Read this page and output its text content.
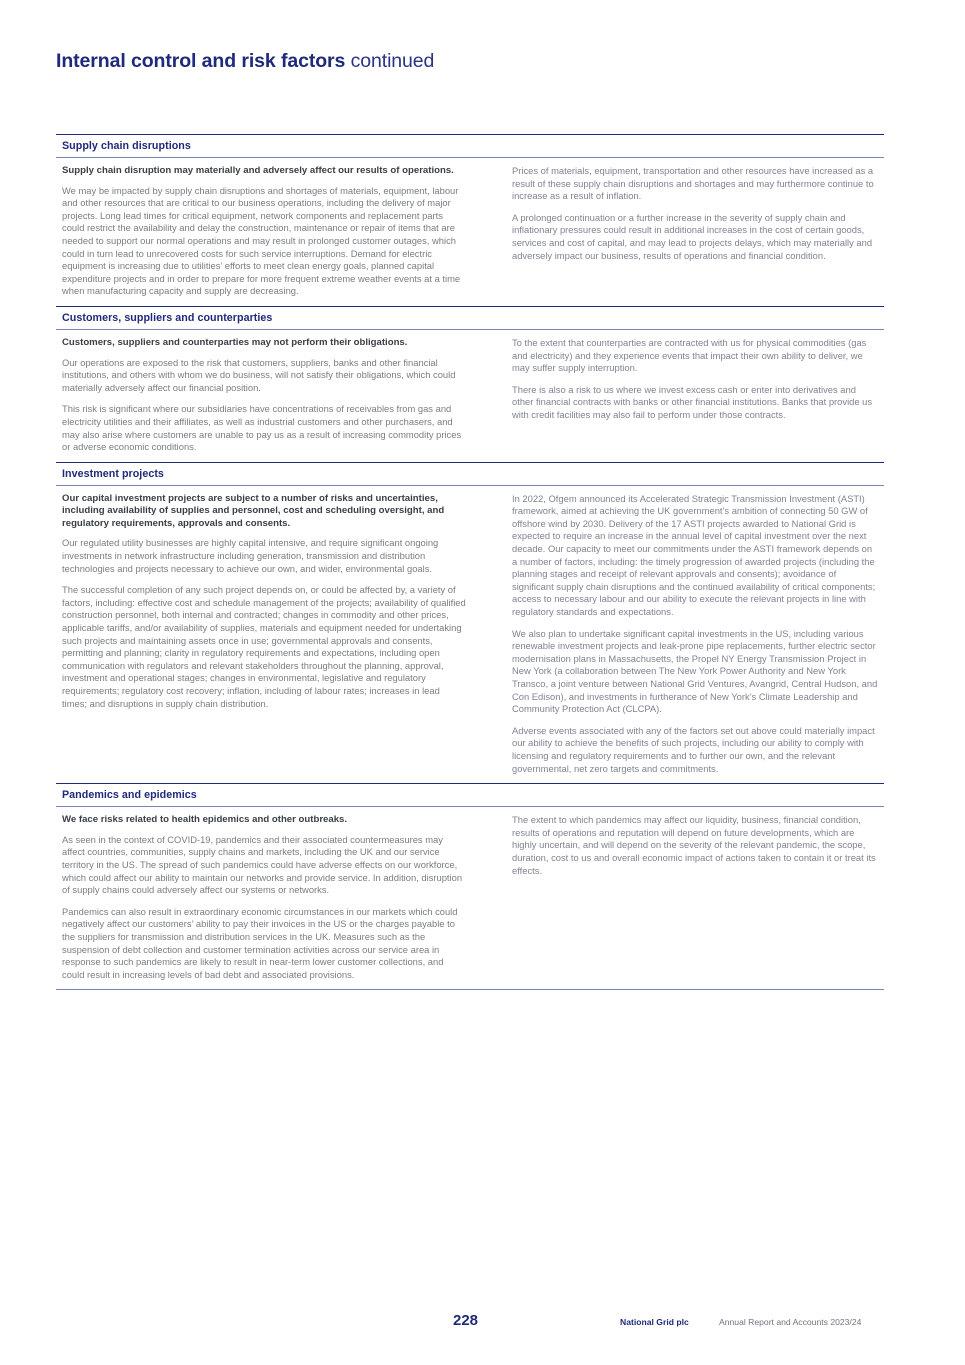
Internal control and risk factors continued
Supply chain disruptions

Supply chain disruption may materially and adversely affect our results of operations.

We may be impacted by supply chain disruptions and shortages of materials, equipment, labour and other resources that are critical to our business operations, including the delivery of major projects. Long lead times for critical equipment, network components and replacement parts could restrict the availability and delay the construction, maintenance or repair of items that are needed to support our normal operations and may result in prolonged customer outages, which could in turn lead to unrecovered costs for such service interruptions. Demand for electric equipment is increasing due to utilities’ efforts to meet clean energy goals, planned capital expenditure projects and in order to prepare for more frequent extreme weather events at a time when manufacturing capacity and supply are decreasing.

Prices of materials, equipment, transportation and other resources have increased as a result of these supply chain disruptions and shortages and may furthermore continue to increase as a result of inflation.

A prolonged continuation or a further increase in the severity of supply chain and inflationary pressures could result in additional increases in the cost of certain goods, services and cost of capital, and may lead to projects delays, which may materially and adversely impact our business, results of operations and financial condition.

Customers, suppliers and counterparties

Customers, suppliers and counterparties may not perform their obligations.

Our operations are exposed to the risk that customers, suppliers, banks and other financial institutions, and others with whom we do business, will not satisfy their obligations, which could materially adversely affect our financial position.

This risk is significant where our subsidiaries have concentrations of receivables from gas and electricity utilities and their affiliates, as well as industrial customers and other purchasers, and may also arise where customers are unable to pay us as a result of increasing commodity prices or adverse economic conditions.

To the extent that counterparties are contracted with us for physical commodities (gas and electricity) and they experience events that impact their own ability to deliver, we may suffer supply interruption.

There is also a risk to us where we invest excess cash or enter into derivatives and other financial contracts with banks or other financial institutions. Banks that provide us with credit facilities may also fail to perform under those contracts.

Investment projects

Our capital investment projects are subject to a number of risks and uncertainties, including availability of supplies and personnel, cost and scheduling oversight, and regulatory requirements, approvals and consents.

Our regulated utility businesses are highly capital intensive, and require significant ongoing investments in network infrastructure including generation, transmission and distribution technologies and projects necessary to achieve our own, and wider, environmental goals.

The successful completion of any such project depends on, or could be affected by, a variety of factors, including: effective cost and schedule management of the projects; availability of qualified construction personnel, both internal and contracted; changes in commodity and other prices, applicable tariffs, and/or availability of supplies, materials and equipment needed for undertaking such projects and maintaining assets once in use; governmental approvals and consents, permitting and planning; clarity in regulatory requirements and expectations, including open communication with regulators and relevant stakeholders throughout the planning, approval, investment and operational stages; changes in environmental, legislative and regulatory requirements; regulatory cost recovery; inflation, including of labour rates; increases in lead times; and disruptions in supply chain distribution.

In 2022, Ofgem announced its Accelerated Strategic Transmission Investment (ASTI) framework, aimed at achieving the UK government’s ambition of connecting 50 GW of offshore wind by 2030. Delivery of the 17 ASTI projects awarded to National Grid is expected to require an increase in the annual level of capital investment over the next decade. Our capacity to meet our commitments under the ASTI framework depends on a number of factors, including: the timely progression of awarded projects (including the planning stages and receipt of relevant approvals and consents); avoidance of significant supply chain disruptions and the continued availability of critical components; access to necessary labour and our ability to execute the relevant projects in line with regulatory standards and expectations.

We also plan to undertake significant capital investments in the US, including various renewable investment projects and leak-prone pipe replacements, further electric sector modernisation plans in Massachusetts, the Propel NY Energy Transmission Project in New York (a collaboration between The New York Power Authority and New York Transco, a joint venture between National Grid Ventures, Avangrid, Central Hudson, and Con Edison), and investments in furtherance of New York’s Climate Leadership and Community Protection Act (CLCPA).

Adverse events associated with any of the factors set out above could materially impact our ability to achieve the benefits of such projects, including our ability to comply with licensing and regulatory requirements and to further our own, and the relevant governmental, net zero targets and commitments.

Pandemics and epidemics

We face risks related to health epidemics and other outbreaks.

As seen in the context of COVID-19, pandemics and their associated countermeasures may affect countries, communities, supply chains and markets, including the UK and our service territory in the US. The spread of such pandemics could have adverse effects on our workforce, which could affect our ability to maintain our networks and provide service. In addition, disruption of supply chains could adversely affect our systems or networks.

Pandemics can also result in extraordinary economic circumstances in our markets which could negatively affect our customers’ ability to pay their invoices in the US or the charges payable to the suppliers for transmission and distribution services in the UK. Measures such as the suspension of debt collection and customer termination activities across our service area in response to such pandemics are likely to result in near-term lower customer collections, and could result in increasing levels of bad debt and associated provisions.

The extent to which pandemics may affect our liquidity, business, financial condition, results of operations and reputation will depend on future developments, which are highly uncertain, and will depend on the severity of the relevant pandemic, the scope, duration, cost to us and overall economic impact of actions taken to contain it or treat its effects.

228	National Grid plc	Annual Report and Accounts 2023/24
